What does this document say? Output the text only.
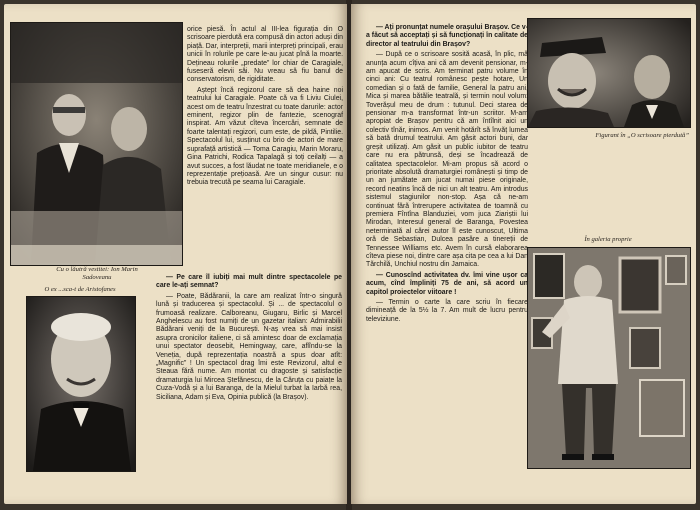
Cu o lăutră vestitei: Ion Marin
Sadoveanu
O ex ...sca-t de Aristofanes

orice piesă. În actul al III-lea figurația din O scrisoare pierdută era compusă din actori aduși din piață. Dar, interpreții, marii interpreți principali, erau unicii în rolurile pe care le-au jucat pînă la moarte. Dețineau rolurile „predate” lor chiar de Caragiale, fuseseră elevii săi. Nu vreau să fiu banul de conservatorism, de rigiditate.

Aștept încă regizorul care să dea haine noi teatrului lui Caragiale. Poate că va fi Liviu Ciulei, acest om de teatru înzestrat cu toate darurile: actor eminent, regizor plin de fantezie, scenograf inspirat. Am văzut cîteva încercări, semnate de foarte talentați regizori, cum este, de pildă, Pintilie. Spectacolul lui, susținut cu brio de actori de mare suprafață artistică — Toma Caragiu, Marin Moraru, Gina Patrichi, Rodica Tapalagă și toți ceilalți — a avut succes, a fost lăudat ne toate meridianele, e o reprezentație prețioasă. Are un singur cusur: nu trebuia trecută pe seama lui Caragiale.

— Pe care îl iubiți mai mult dintre spectacolele pe care le-ați semnat?

— Poate, Bădăranii, la care am realizat într-o singură lună și traducerea și spectacolul. Și ... de spectacolul o frumoasă realizare. Calboreanu, Giugaru, Birlic și Marcel Anghelescu au fost numiți de un gazetar italian: Admirabilii Bădărani veniți de la București. N-aș vrea să mai insist asupra cronicilor italiene, ci să amintesc doar de exclamația unui spectator deosebit, Hemingway, care, aflîndu-se la Veneția, după reprezentația noastră a spus doar atît: „Magnific” ! Un spectacol drag îmi este Revizorul, altul e Steaua fără nume. Am montat cu dragoste și satisfacție dramaturgia lui Mircea Ștefănescu, de la Căruța cu paiațe la Cuza-Vodă și a lui Baranga, de la Mielul turbat la Iarbă rea, Siciliana, Adam și Eva, Opinia publică (la Brașov).

— Ați pronunțat numele orașului Brașov. Ce v-a făcut să acceptați și să funcționați în calitate de director al teatrului din Brașov?

— După ce o scrisoare sosită acasă, în plic, mă anunța acum cîțiva ani că am devenit pensionar, m-am apucat de scris. Am terminat patru volume în cinci ani: Cu teatrul românesc pește hotare, Un comedian și o fată de familie, General la patru ani, Mica și marea bătălie teatrală, și termin noul volum: Toverășul meu de drum : tutunul. Deci starea de pensionar m-a transformat într-un scriitor. M-am apropiat de Brașov pentru că am întîlnit aici un colectiv tînăr, inimos. Am venit hotărît să învăț lumea să bată drumul teatrului. Am găsit actori buni, dar greșit utilizați. Am găsit un public iubitor de teatru care nu era pătrunsă, deși se încadrează de calitatea spectacolelor. Mi-am propus să acord o prioritate absolută dramaturgiei românești și timp de un an jumătate am jucat numai piese originale, record neatins încă de nici un alt teatru. Am introdus sistemul stagiunilor non-stop. Așa că ne-am continuat fără întrerupere activitatea de toamnă cu premiera Fîntîna Blanduziei, vom juca Ziariștii lui Mirodan, Interesul general de Baranga, Povestea neterminată al cărei autor îl este cunoscut, Ultima oră de Sebastian, Dulcea pasăre a tinereții de Tennessee Williams etc. Avem în cursă elaborarea cîteva piese noi, dintre care așa cita pe cea a lui Dan Tărchilă, Unchiul nostru din Jamaica.

— Cunoscînd activitatea dv. îmi vine ușor ca acum, cînd împliniți 75 de ani, să acord un capitol proiectelor viitoare !

— Termin o carte la care scriu în fiecare dimineață de la 5½ la 7. Am mult de lucru pentru televiziune.

Figurant în „O scrisoare pierdută”
În galeria proprie
